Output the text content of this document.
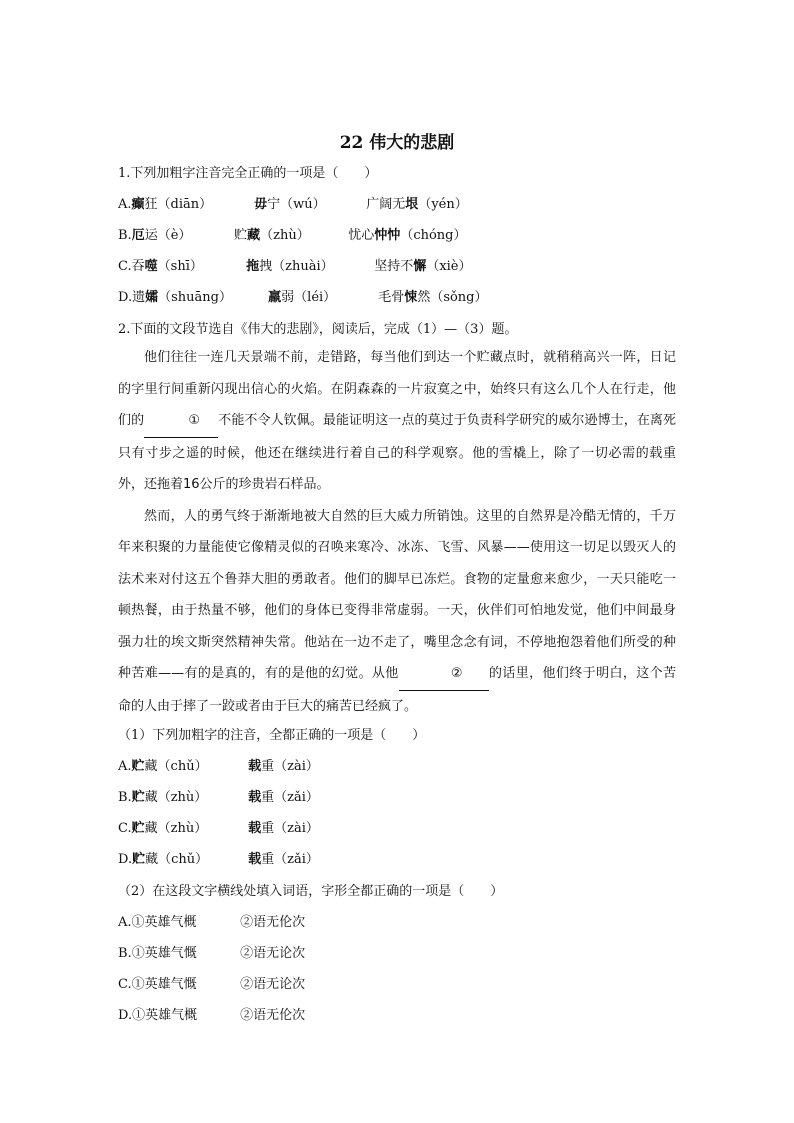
22 伟大的悲剧
1.下列加粗字注音完全正确的一项是（　　）
A.癫狂（diān）	毋宁（wú）	广阔无垠（yén）
B.厄运（è）	贮藏（zhù）	忧心忡忡（chóng）
C.吞噬（shī）	拖拽（zhuài）	坚持不懈（xiè）
D.遗孀（shuāng）	羸弱（léi）	毛骨悚然（sǒng）
2.下面的文段节选自《伟大的悲剧》，阅读后，完成（1）—（3）题。

他们往往一连几天景端不前，走错路，每当他们到达一个贮藏点时，就稍稍高兴一阵，日记的字里行间重新闪现出信心的火焰。在阴森森的一片寂寞之中，始终只有这么几个人在行走，他们的	① 不能不令人钦佩。最能证明这一点的莫过于负责科学研究的威尔逊博士，在离死只有寸步之遥的时候，他还在继续进行着自己的科学观察。他的雪橇上，除了一切必需的载重外，还拖着16公斤的珍贵岩石样品。

然而，人的勇气终于渐渐地被大自然的巨大威力所销蚀。这里的自然界是冷酷无情的，千万年来积聚的力量能使它像精灵似的召唤来寒冷、冰冻、飞雪、风暴——使用这一切足以毁灭人的法术来对付这五个鲁莽大胆的勇敢者。他们的脚早已冻烂。食物的定量愈来愈少，一天只能吃一顿热餐，由于热量不够，他们的身体已变得非常虚弱。一天，伙伴们可怕地发觉，他们中间最身强力壮的埃文斯突然精神失常。他站在一边不走了，嘴里念念有词，不停地抱怨着他们所受的种种苦难——有的是真的，有的是他的幻觉。从他	② 的话里，他们终于明白，这个苦命的人由于摔了一跤或者由于巨大的痛苦已经疯了。

（1）下列加粗字的注音，全都正确的一项是（　　）
A.贮藏（chǔ）	载重（zài）
B.贮藏（zhù）	载重（zǎi）
C.贮藏（zhù）	载重（zài）
D.贮藏（chǔ）	载重（zǎi）
（2）在这段文字横线处填入词语，字形全都正确的一项是（　　）
A.①英雄气概	②语无伦次
B.①英雄气慨	②语无论次
C.①英雄气慨	②语无论次
D.①英雄气概	②语无伦次
